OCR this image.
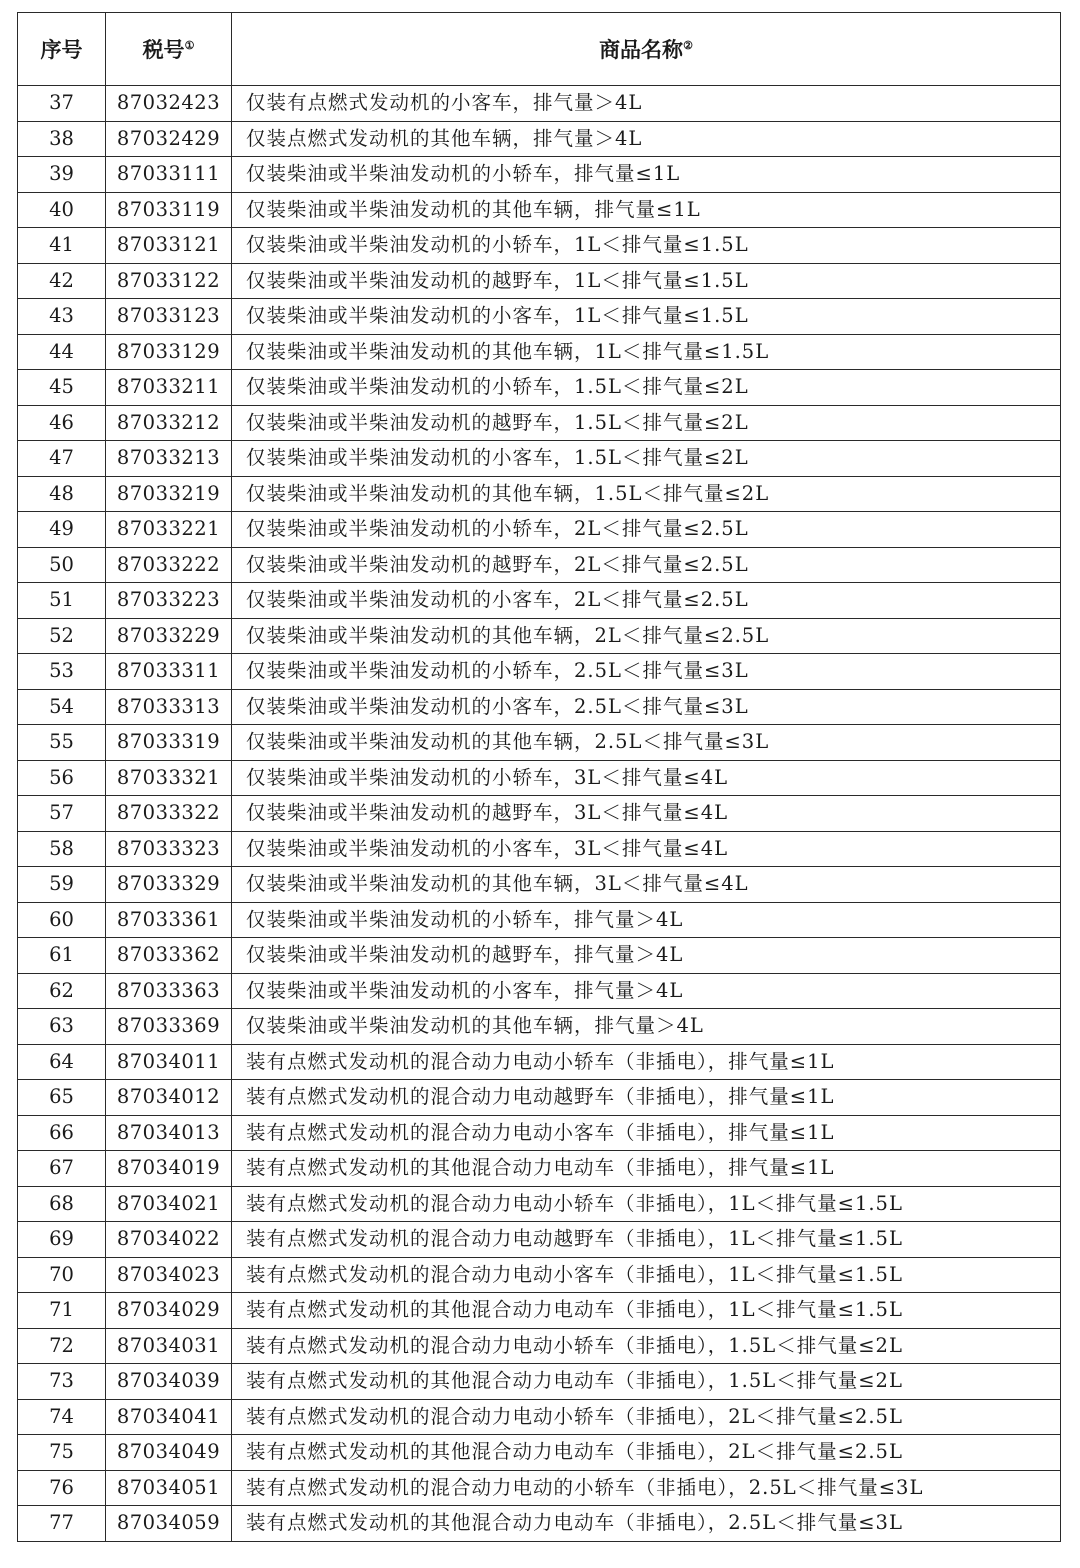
序号	税号①	商品名称②
37	87032423	仅装有点燃式发动机的小客车，排气量＞4L
38	87032429	仅装点燃式发动机的其他车辆，排气量＞4L
39	87033111	仅装柴油或半柴油发动机的小轿车，排气量≤1L
40	87033119	仅装柴油或半柴油发动机的其他车辆，排气量≤1L
41	87033121	仅装柴油或半柴油发动机的小轿车，1L＜排气量≤1.5L
42	87033122	仅装柴油或半柴油发动机的越野车，1L＜排气量≤1.5L
43	87033123	仅装柴油或半柴油发动机的小客车，1L＜排气量≤1.5L
44	87033129	仅装柴油或半柴油发动机的其他车辆，1L＜排气量≤1.5L
45	87033211	仅装柴油或半柴油发动机的小轿车，1.5L＜排气量≤2L
46	87033212	仅装柴油或半柴油发动机的越野车，1.5L＜排气量≤2L
47	87033213	仅装柴油或半柴油发动机的小客车，1.5L＜排气量≤2L
48	87033219	仅装柴油或半柴油发动机的其他车辆，1.5L＜排气量≤2L
49	87033221	仅装柴油或半柴油发动机的小轿车，2L＜排气量≤2.5L
50	87033222	仅装柴油或半柴油发动机的越野车，2L＜排气量≤2.5L
51	87033223	仅装柴油或半柴油发动机的小客车，2L＜排气量≤2.5L
52	87033229	仅装柴油或半柴油发动机的其他车辆，2L＜排气量≤2.5L
53	87033311	仅装柴油或半柴油发动机的小轿车，2.5L＜排气量≤3L
54	87033313	仅装柴油或半柴油发动机的小客车，2.5L＜排气量≤3L
55	87033319	仅装柴油或半柴油发动机的其他车辆，2.5L＜排气量≤3L
56	87033321	仅装柴油或半柴油发动机的小轿车，3L＜排气量≤4L
57	87033322	仅装柴油或半柴油发动机的越野车，3L＜排气量≤4L
58	87033323	仅装柴油或半柴油发动机的小客车，3L＜排气量≤4L
59	87033329	仅装柴油或半柴油发动机的其他车辆，3L＜排气量≤4L
60	87033361	仅装柴油或半柴油发动机的小轿车，排气量＞4L
61	87033362	仅装柴油或半柴油发动机的越野车，排气量＞4L
62	87033363	仅装柴油或半柴油发动机的小客车，排气量＞4L
63	87033369	仅装柴油或半柴油发动机的其他车辆，排气量＞4L
64	87034011	装有点燃式发动机的混合动力电动小轿车（非插电），排气量≤1L
65	87034012	装有点燃式发动机的混合动力电动越野车（非插电），排气量≤1L
66	87034013	装有点燃式发动机的混合动力电动小客车（非插电），排气量≤1L
67	87034019	装有点燃式发动机的其他混合动力电动车（非插电），排气量≤1L
68	87034021	装有点燃式发动机的混合动力电动小轿车（非插电），1L＜排气量≤1.5L
69	87034022	装有点燃式发动机的混合动力电动越野车（非插电），1L＜排气量≤1.5L
70	87034023	装有点燃式发动机的混合动力电动小客车（非插电），1L＜排气量≤1.5L
71	87034029	装有点燃式发动机的其他混合动力电动车（非插电），1L＜排气量≤1.5L
72	87034031	装有点燃式发动机的混合动力电动小轿车（非插电），1.5L＜排气量≤2L
73	87034039	装有点燃式发动机的其他混合动力电动车（非插电），1.5L＜排气量≤2L
74	87034041	装有点燃式发动机的混合动力电动小轿车（非插电），2L＜排气量≤2.5L
75	87034049	装有点燃式发动机的其他混合动力电动车（非插电），2L＜排气量≤2.5L
76	87034051	装有点燃式发动机的混合动力电动的小轿车（非插电），2.5L＜排气量≤3L
77	87034059	装有点燃式发动机的其他混合动力电动车（非插电），2.5L＜排气量≤3L
